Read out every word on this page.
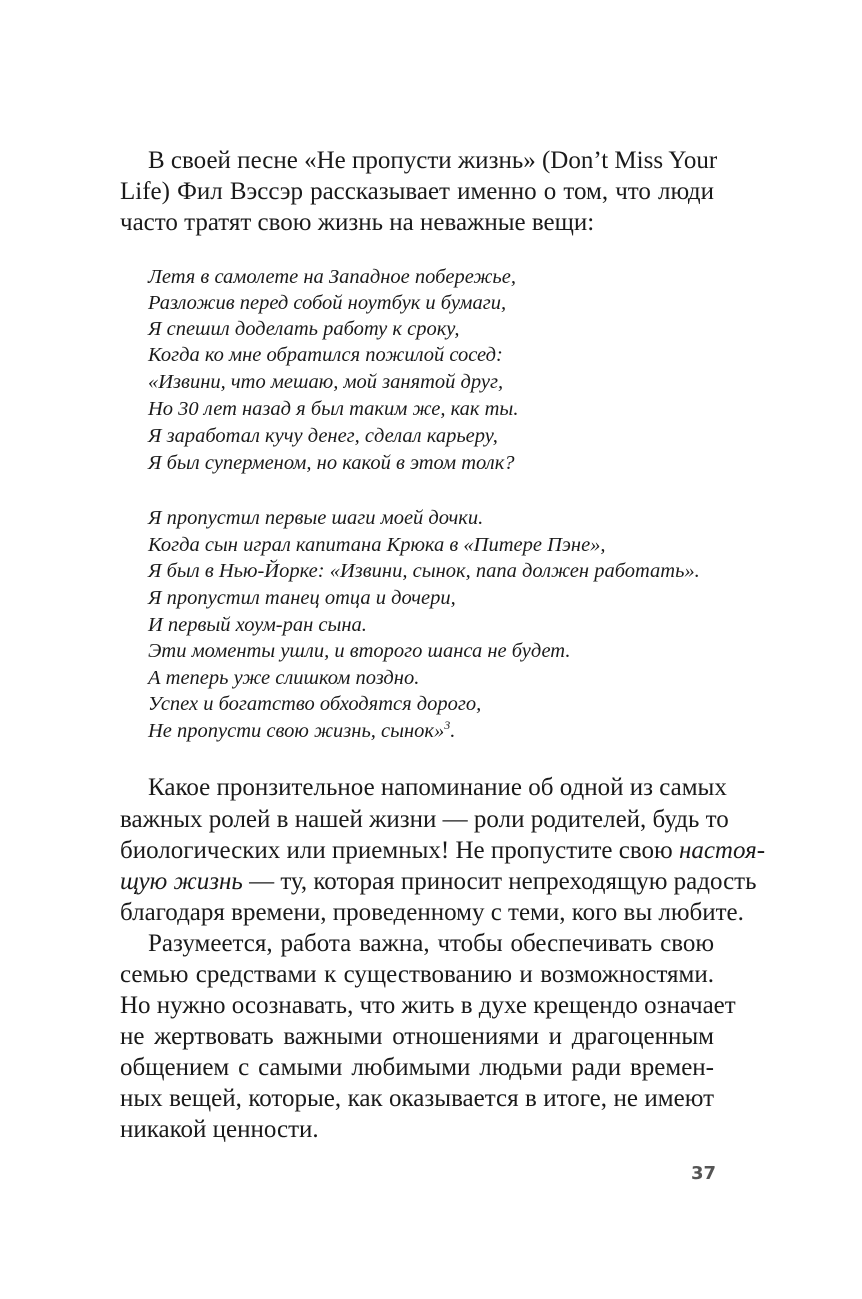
В своей песне «Не пропусти жизнь» (Don’t Miss Your
Life) Фил Вэссэр рассказывает именно о том, что люди
часто тратят свою жизнь на неважные вещи:
Летя в самолете на Западное побережье,
Разложив перед собой ноутбук и бумаги,
Я спешил доделать работу к сроку,
Когда ко мне обратился пожилой сосед:
«Извини, что мешаю, мой занятой друг,
Но 30 лет назад я был таким же, как ты.
Я заработал кучу денег, сделал карьеру,
Я был суперменом, но какой в этом толк?
Я пропустил первые шаги моей дочки.
Когда сын играл капитана Крюка в «Питере Пэне»,
Я был в Нью-Йорке: «Извини, сынок, папа должен работать».
Я пропустил танец отца и дочери,
И первый хоум-ран сына.
Эти моменты ушли, и второго шанса не будет.
А теперь уже слишком поздно.
Успех и богатство обходятся дорого,
Не пропусти свою жизнь, сынок»$^3$.
Какое пронзительное напоминание об одной из самых
важных ролей в нашей жизни — роли родителей, будь то
биологических или приемных! Не пропустите свою настоя-
щую жизнь — ту, которая приносит непреходящую радость
благодаря времени, проведенному с теми, кого вы любите.
Разумеется, работа важна, чтобы обеспечивать свою
семью средствами к существованию и возможностями.
Но нужно осознавать, что жить в духе крещендо означает
не жертвовать важными отношениями и драгоценным
общением с самыми любимыми людьми ради времен-
ных вещей, которые, как оказывается в итоге, не имеют
никакой ценности.
37
